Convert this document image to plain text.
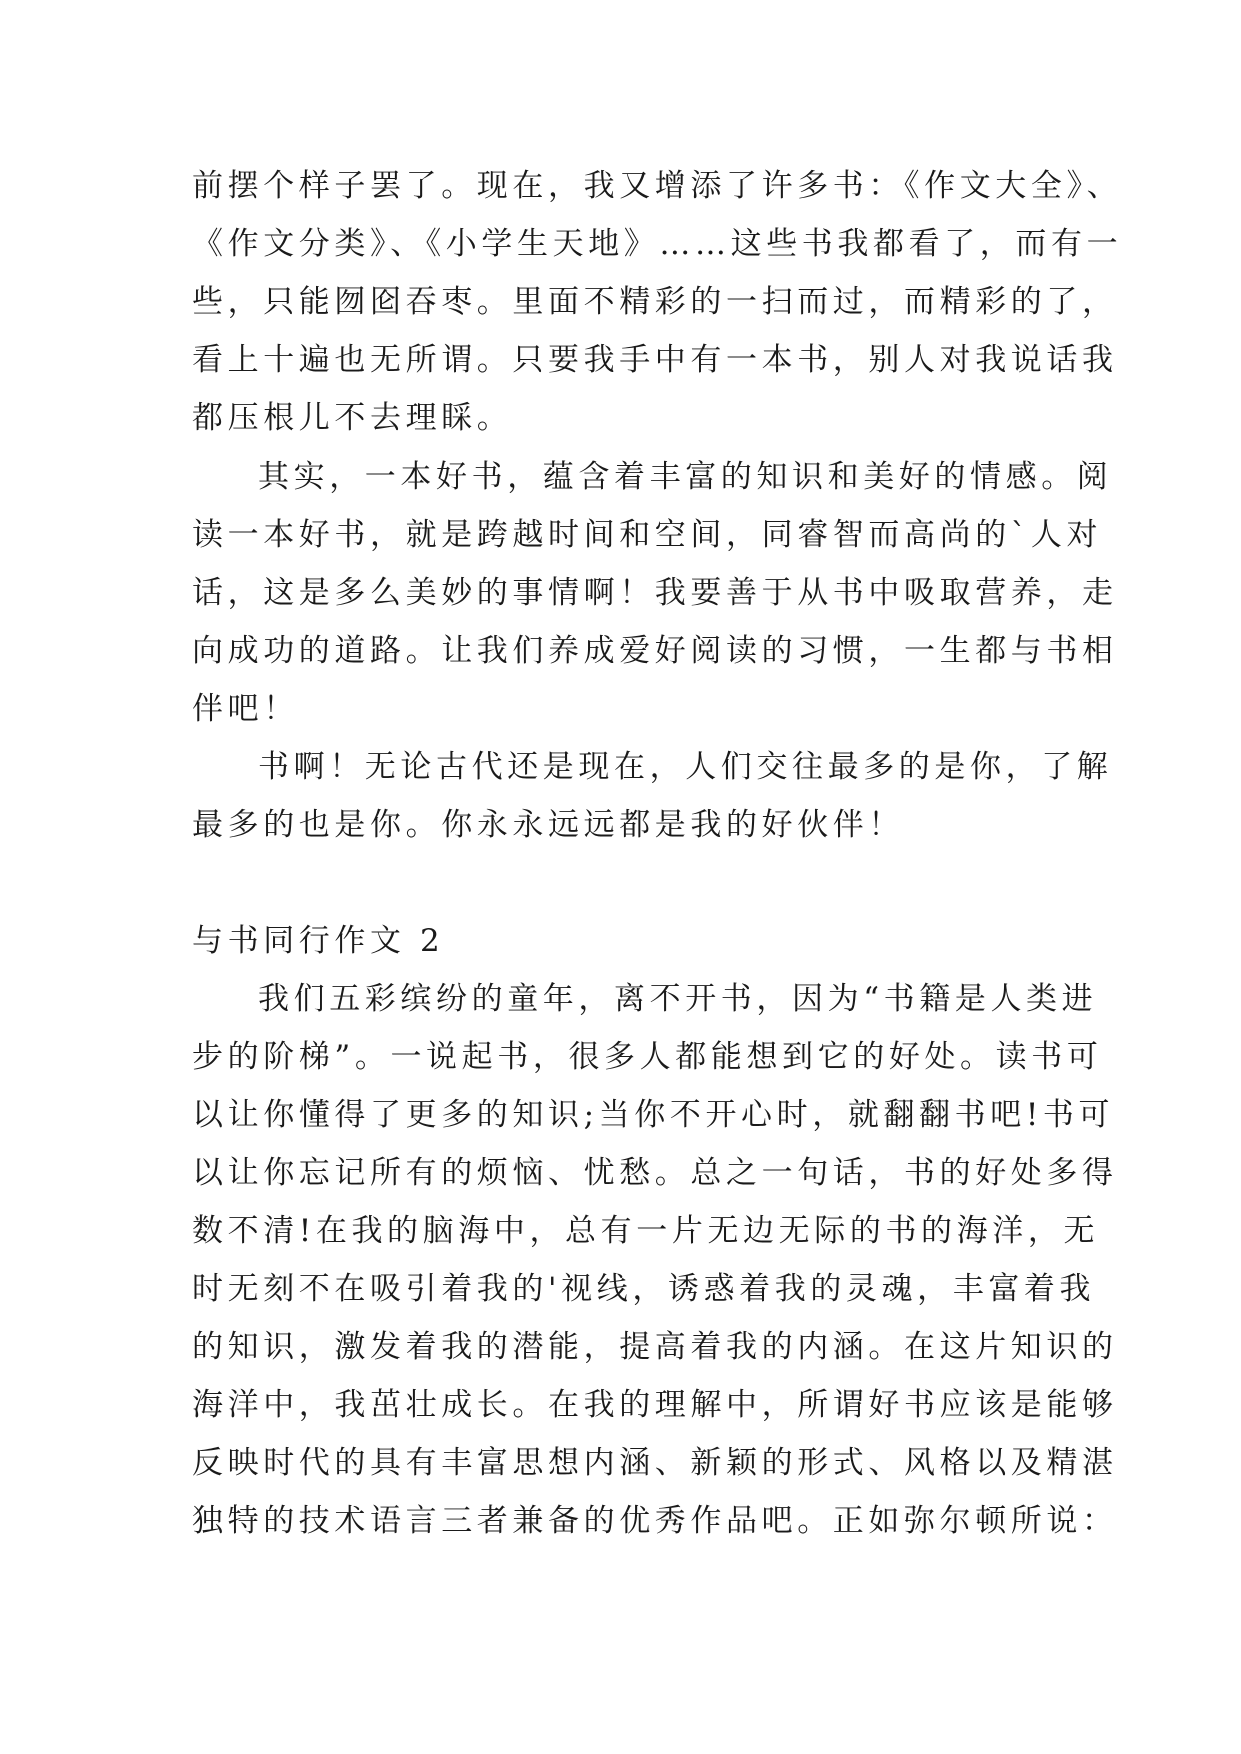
前摆个样子罢了。现在，我又增添了许多书：《作文大全》、
《作文分类》、《小学生天地》……这些书我都看了，而有一
些，只能囫囵吞枣。里面不精彩的一扫而过，而精彩的了，
看上十遍也无所谓。只要我手中有一本书，别人对我说话我
都压根儿不去理睬。
其实，一本好书，蕴含着丰富的知识和美好的情感。阅
读一本好书，就是跨越时间和空间，同睿智而高尚的`人对
话，这是多么美妙的事情啊！我要善于从书中吸取营养，走
向成功的道路。让我们养成爱好阅读的习惯，一生都与书相
伴吧！
书啊！无论古代还是现在，人们交往最多的是你，了解
最多的也是你。你永永远远都是我的好伙伴！
与书同行作文 2
我们五彩缤纷的童年，离不开书，因为“书籍是人类进
步的阶梯”。一说起书，很多人都能想到它的好处。读书可
以让你懂得了更多的知识;当你不开心时，就翻翻书吧!书可
以让你忘记所有的烦恼、忧愁。总之一句话，书的好处多得
数不清!在我的脑海中，总有一片无边无际的书的海洋，无
时无刻不在吸引着我的'视线，诱惑着我的灵魂，丰富着我
的知识，激发着我的潜能，提高着我的内涵。在这片知识的
海洋中，我茁壮成长。在我的理解中，所谓好书应该是能够
反映时代的具有丰富思想内涵、新颖的形式、风格以及精湛
独特的技术语言三者兼备的优秀作品吧。正如弥尔顿所说：
